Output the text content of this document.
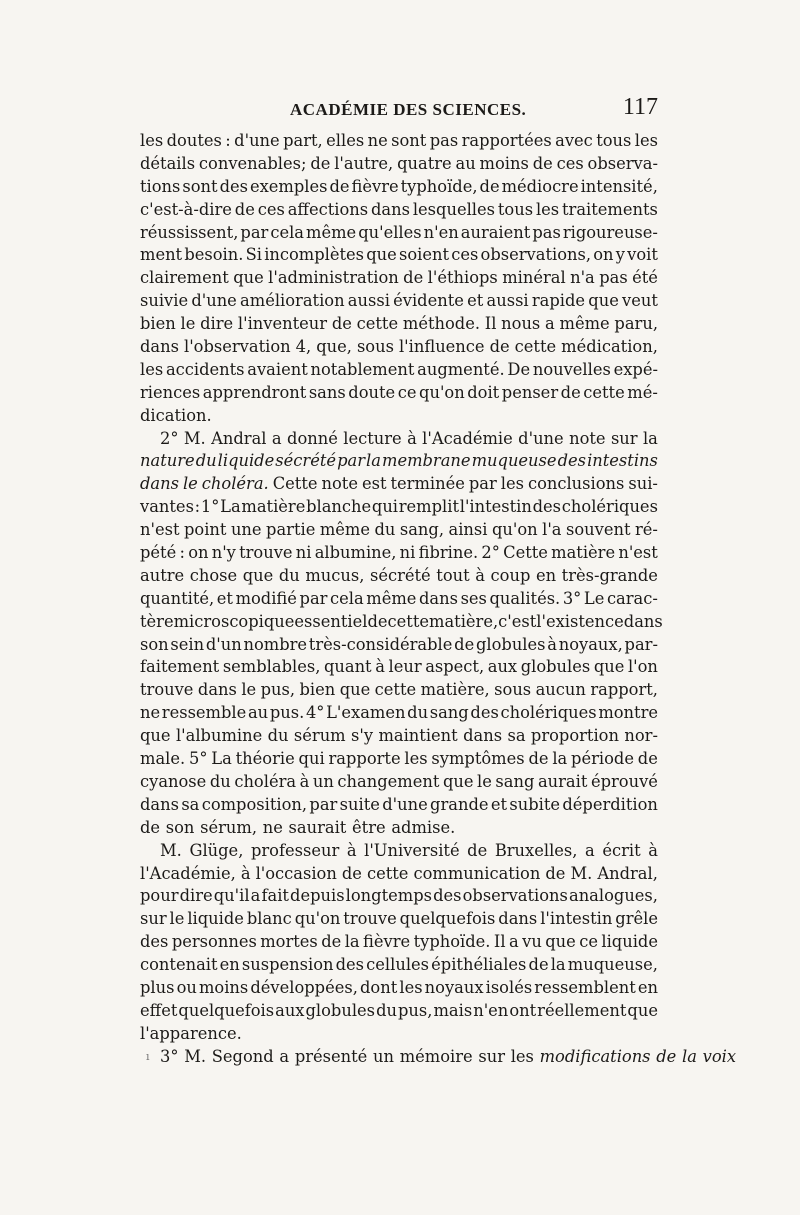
ACADÉMIE DES SCIENCES.	117
les doutes : d'une part, elles ne sont pas rapportées avec tous les
détails convenables; de l'autre, quatre au moins de ces observa-
tions sont des exemples de fièvre typhoïde, de médiocre intensité,
c'est-à-dire de ces affections dans lesquelles tous les traitements
réussissent, par cela même qu'elles n'en auraient pas rigoureuse-
ment besoin. Si incomplètes que soient ces observations, on y voit
clairement que l'administration de l'éthiops minéral n'a pas été
suivie d'une amélioration aussi évidente et aussi rapide que veut
bien le dire l'inventeur de cette méthode. Il nous a même paru,
dans l'observation 4, que, sous l'influence de cette médication,
les accidents avaient notablement augmenté. De nouvelles expé-
riences apprendront sans doute ce qu'on doit penser de cette mé-
dication.
2° M. Andral a donné lecture à l'Académie d'une note sur la
nature du liquide sécrété par la membrane muqueuse des intestins
dans le choléra. Cette note est terminée par les conclusions sui-
vantes : 1° La matière blanche qui remplit l'intestin des cholériques
n'est point une partie même du sang, ainsi qu'on l'a souvent ré-
pété : on n'y trouve ni albumine, ni fibrine. 2° Cette matière n'est
autre chose que du mucus, sécrété tout à coup en très-grande
quantité, et modifié par cela même dans ses qualités. 3° Le carac-
tère microscopique essentiel de cette matière, c'est l'existence dans
son sein d'un nombre très-considérable de globules à noyaux, par-
faitement semblables, quant à leur aspect, aux globules que l'on
trouve dans le pus, bien que cette matière, sous aucun rapport,
ne ressemble au pus. 4° L'examen du sang des cholériques montre
que l'albumine du sérum s'y maintient dans sa proportion nor-
male. 5° La théorie qui rapporte les symptômes de la période de
cyanose du choléra à un changement que le sang aurait éprouvé
dans sa composition, par suite d'une grande et subite déperdition
de son sérum, ne saurait être admise.
M. Glüge, professeur à l'Université de Bruxelles, a écrit à
l'Académie, à l'occasion de cette communication de M. Andral,
pour dire qu'il a fait depuis longtemps des observations analogues,
sur le liquide blanc qu'on trouve quelquefois dans l'intestin grêle
des personnes mortes de la fièvre typhoïde. Il a vu que ce liquide
contenait en suspension des cellules épithéliales de la muqueuse,
plus ou moins développées, dont les noyaux isolés ressemblent en
effet quelquefois aux globules du pus, mais n'en ont réellement que
l'apparence.
3° M. Segond a présenté un mémoire sur les modifications de la voix
ı
